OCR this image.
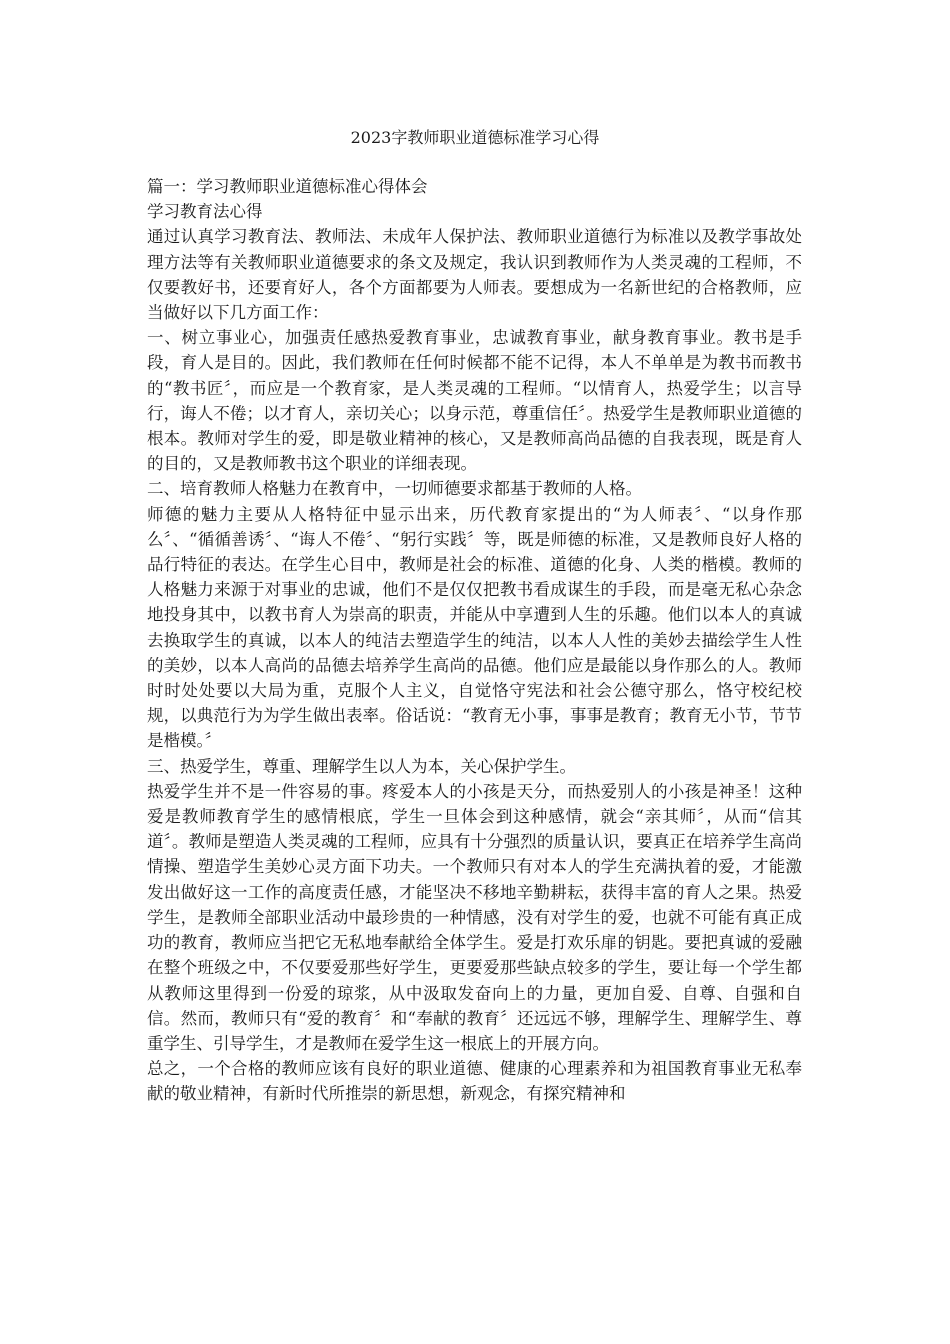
2023字教师职业道德标准学习心得

篇一：学习教师职业道德标准心得体会

学习教育法心得

通过认真学习教育法、教师法、未成年人保护法、教师职业道德行为标准以及教学事故处理方法等有关教师职业道德要求的条文及规定，我认识到教师作为人类灵魂的工程师，不仅要教好书，还要育好人，各个方面都要为人师表。要想成为一名新世纪的合格教师，应当做好以下几方面工作：

一、树立事业心，加强责任感热爱教育事业，忠诚教育事业，献身教育事业。教书是手段，育人是目的。因此，我们教师在任何时候都不能不记得，本人不单单是为教书而教书的“教书匠〞，而应是一个教育家，是人类灵魂的工程师。“以情育人，热爱学生；以言导行，诲人不倦；以才育人，亲切关心；以身示范，尊重信任〞。热爱学生是教师职业道德的根本。教师对学生的爱，即是敬业精神的核心，又是教师高尚品德的自我表现，既是育人的目的，又是教师教书这个职业的详细表现。

二、培育教师人格魅力在教育中，一切师德要求都基于教师的人格。

师德的魅力主要从人格特征中显示出来，历代教育家提出的“为人师表〞、“以身作那么〞、“循循善诱〞、“诲人不倦〞、“躬行实践〞等，既是师德的标准，又是教师良好人格的品行特征的表达。在学生心目中，教师是社会的标准、道德的化身、人类的楷模。教师的人格魅力来源于对事业的忠诚，他们不是仅仅把教书看成谋生的手段，而是毫无私心杂念地投身其中，以教书育人为崇高的职责，并能从中享遭到人生的乐趣。他们以本人的真诚去换取学生的真诚，以本人的纯洁去塑造学生的纯洁，以本人人性的美妙去描绘学生人性的美妙，以本人高尚的品德去培养学生高尚的品德。他们应是最能以身作那么的人。教师时时处处要以大局为重，克服个人主义，自觉恪守宪法和社会公德守那么，恪守校纪校规，以典范行为为学生做出表率。俗话说：“教育无小事，事事是教育；教育无小节，节节是楷模。〞

三、热爱学生，尊重、理解学生以人为本，关心保护学生。

热爱学生并不是一件容易的事。疼爱本人的小孩是天分，而热爱别人的小孩是神圣！这种爱是教师教育学生的感情根底，学生一旦体会到这种感情，就会“亲其师〞，从而“信其道〞。教师是塑造人类灵魂的工程师，应具有十分强烈的质量认识，要真正在培养学生高尚情操、塑造学生美妙心灵方面下功夫。一个教师只有对本人的学生充满执着的爱，才能激发出做好这一工作的高度责任感，才能坚决不移地辛勤耕耘，获得丰富的育人之果。热爱学生，是教师全部职业活动中最珍贵的一种情感，没有对学生的爱，也就不可能有真正成功的教育，教师应当把它无私地奉献给全体学生。爱是打欢乐扉的钥匙。要把真诚的爱融在整个班级之中，不仅要爱那些好学生，更要爱那些缺点较多的学生，要让每一个学生都从教师这里得到一份爱的琼浆，从中汲取发奋向上的力量，更加自爱、自尊、自强和自信。然而，教师只有“爱的教育〞和“奉献的教育〞还远远不够，理解学生、理解学生、尊重学生、引导学生，才是教师在爱学生这一根底上的开展方向。

总之，一个合格的教师应该有良好的职业道德、健康的心理素养和为祖国教育事业无私奉献的敬业精神，有新时代所推崇的新思想，新观念，有探究精神和
